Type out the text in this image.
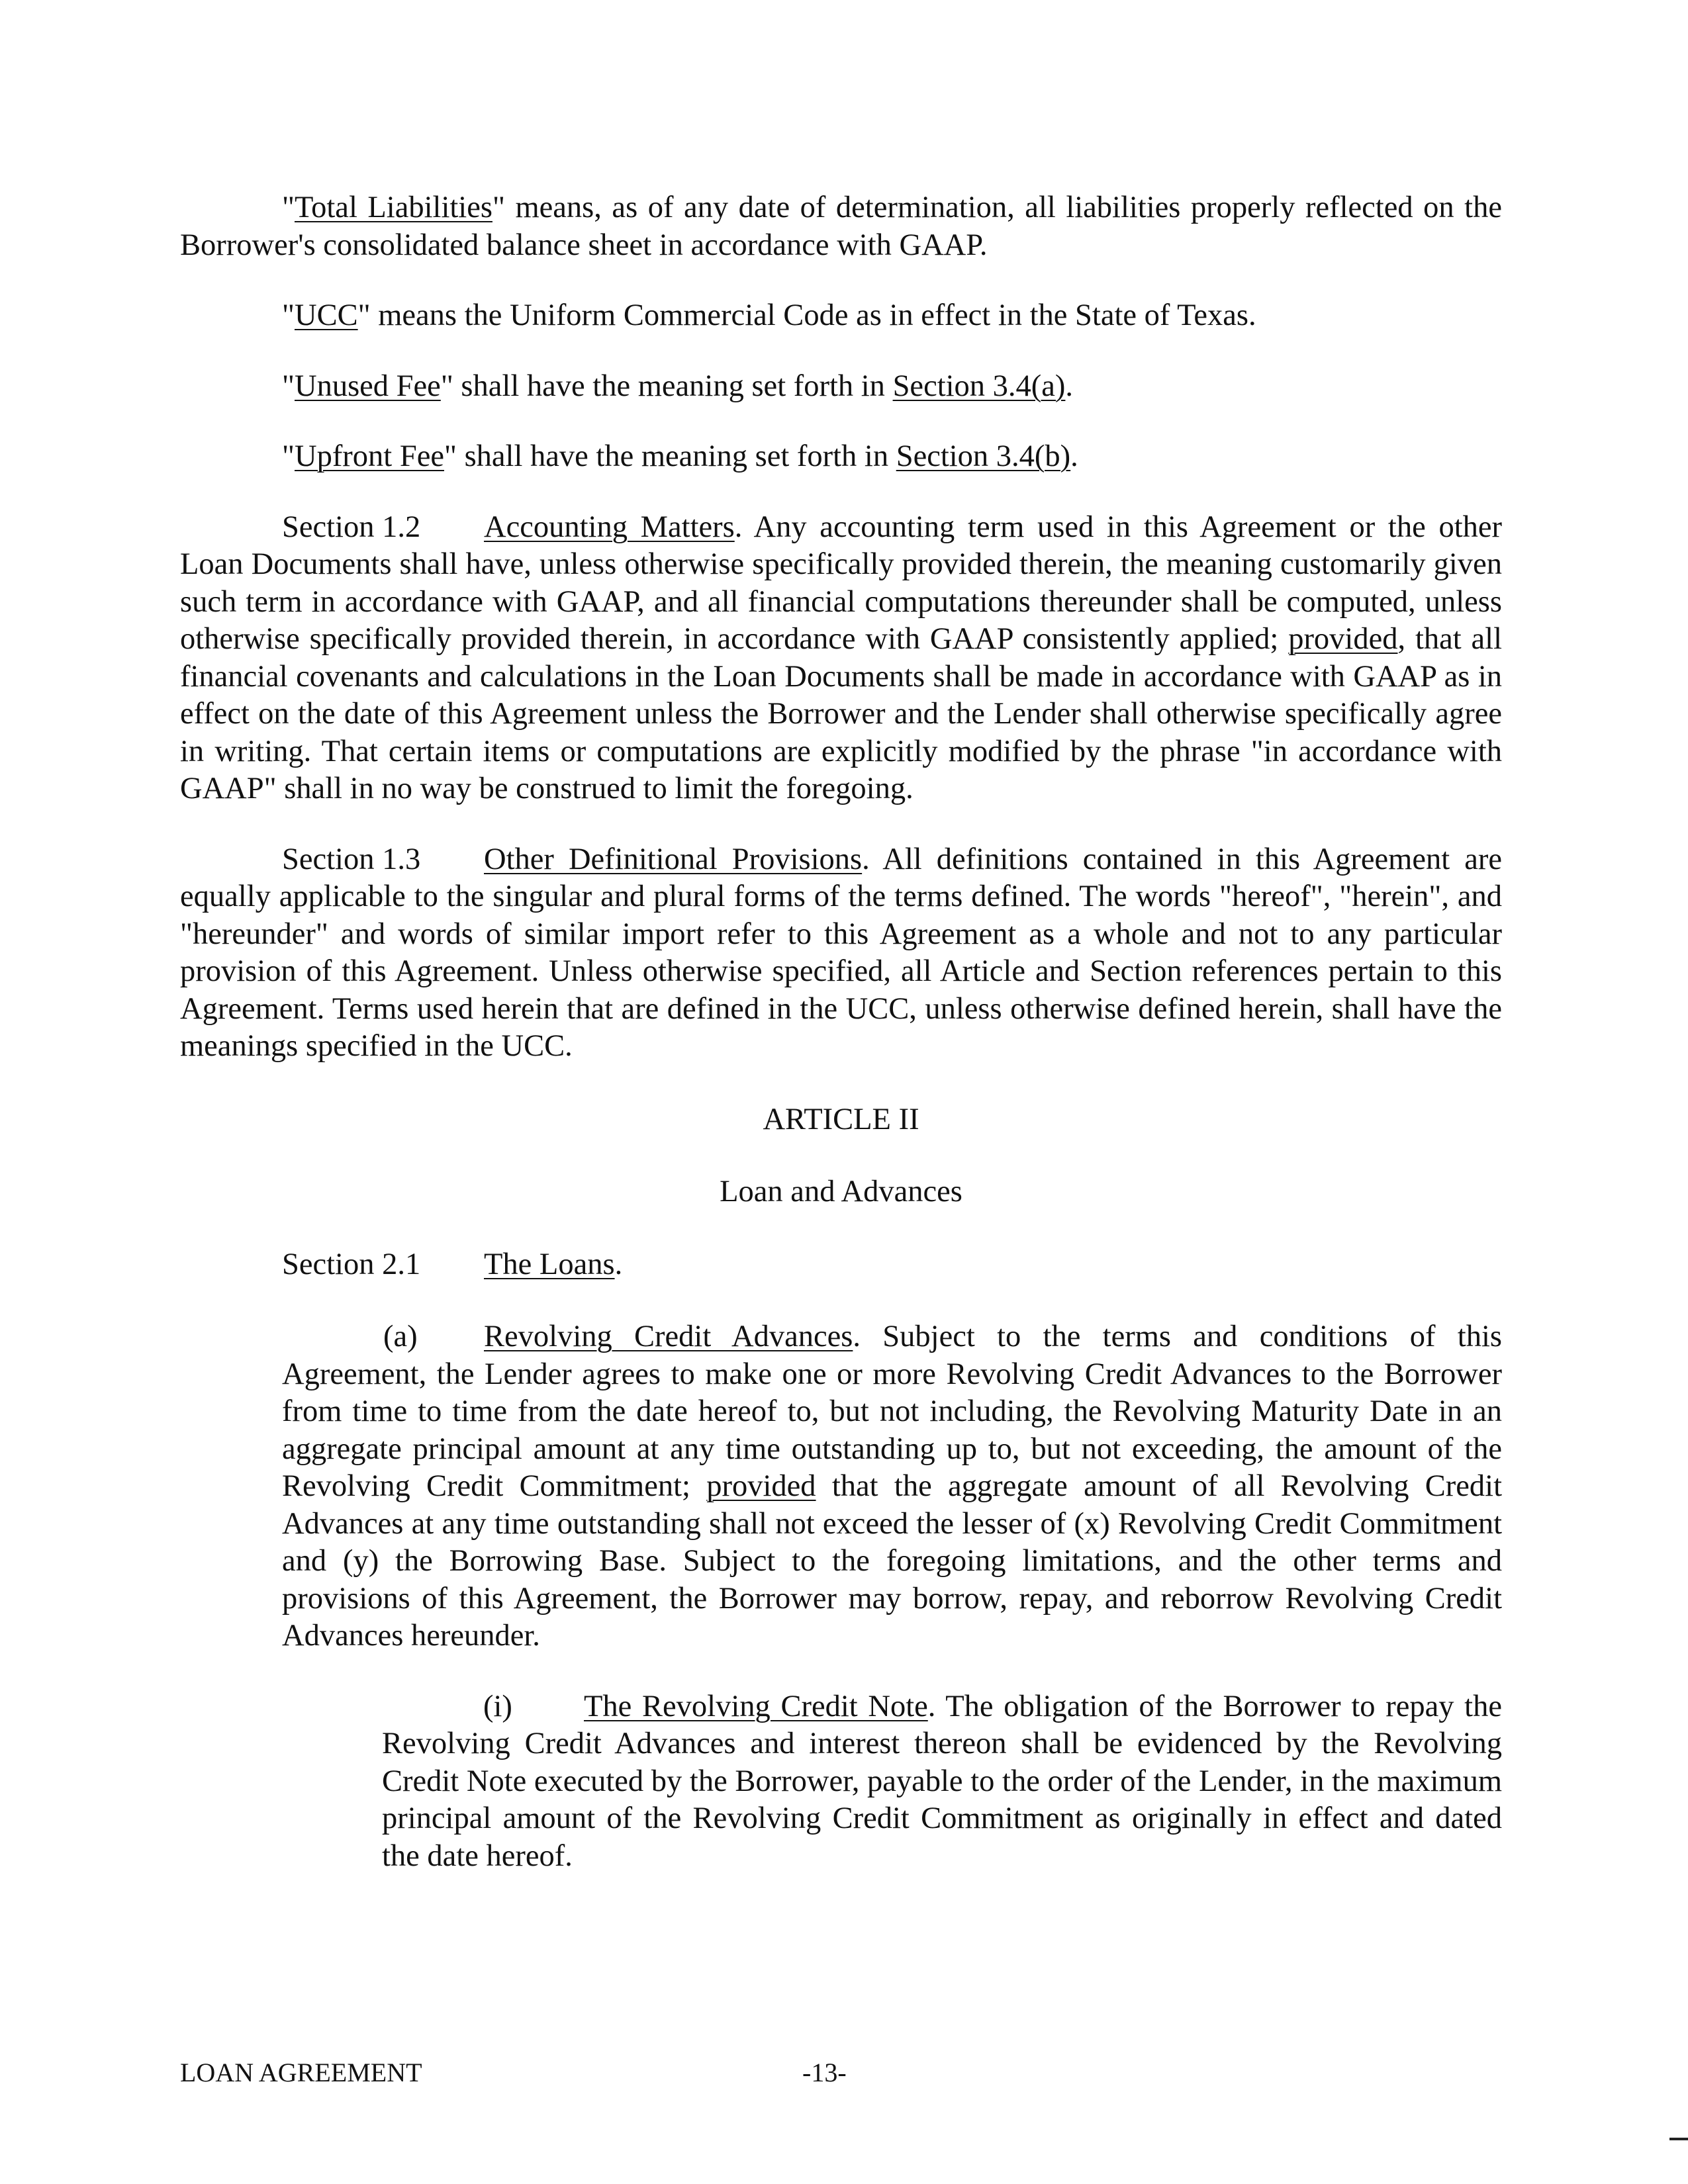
"Total Liabilities" means, as of any date of determination, all liabilities properly reflected on the Borrower's consolidated balance sheet in accordance with GAAP.

"UCC" means the Uniform Commercial Code as in effect in the State of Texas.

"Unused Fee" shall have the meaning set forth in Section 3.4(a).

"Upfront Fee" shall have the meaning set forth in Section 3.4(b).

Section 1.2 Accounting Matters. Any accounting term used in this Agreement or the other Loan Documents shall have, unless otherwise specifically provided therein, the meaning customarily given such term in accordance with GAAP, and all financial computations thereunder shall be computed, unless otherwise specifically provided therein, in accordance with GAAP consistently applied; provided, that all financial covenants and calculations in the Loan Documents shall be made in accordance with GAAP as in effect on the date of this Agreement unless the Borrower and the Lender shall otherwise specifically agree in writing. That certain items or computations are explicitly modified by the phrase "in accordance with GAAP" shall in no way be construed to limit the foregoing.

Section 1.3 Other Definitional Provisions. All definitions contained in this Agreement are equally applicable to the singular and plural forms of the terms defined. The words "hereof", "herein", and "hereunder" and words of similar import refer to this Agreement as a whole and not to any particular provision of this Agreement. Unless otherwise specified, all Article and Section references pertain to this Agreement. Terms used herein that are defined in the UCC, unless otherwise defined herein, shall have the meanings specified in the UCC.

ARTICLE II

Loan and Advances

Section 2.1 The Loans.

(a) Revolving Credit Advances. Subject to the terms and conditions of this Agreement, the Lender agrees to make one or more Revolving Credit Advances to the Borrower from time to time from the date hereof to, but not including, the Revolving Maturity Date in an aggregate principal amount at any time outstanding up to, but not exceeding, the amount of the Revolving Credit Commitment; provided that the aggregate amount of all Revolving Credit Advances at any time outstanding shall not exceed the lesser of (x) Revolving Credit Commitment and (y) the Borrowing Base. Subject to the foregoing limitations, and the other terms and provisions of this Agreement, the Borrower may borrow, repay, and reborrow Revolving Credit Advances hereunder.

(i) The Revolving Credit Note. The obligation of the Borrower to repay the Revolving Credit Advances and interest thereon shall be evidenced by the Revolving Credit Note executed by the Borrower, payable to the order of the Lender, in the maximum principal amount of the Revolving Credit Commitment as originally in effect and dated the date hereof.

LOAN AGREEMENT	-13-
